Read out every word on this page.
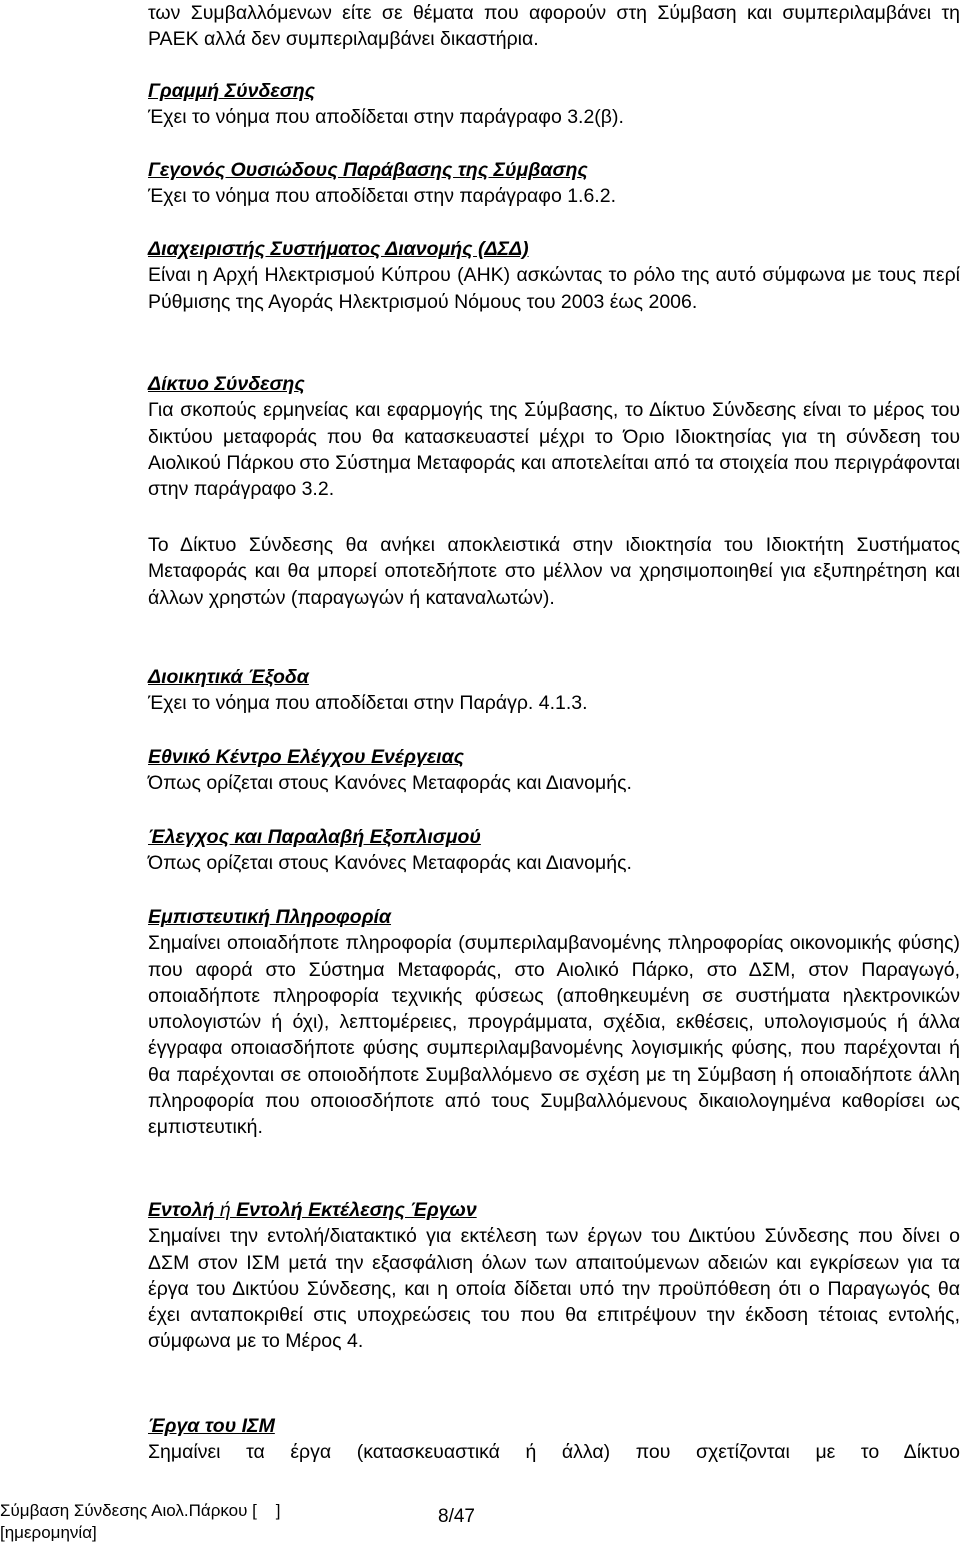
των Συμβαλλόμενων είτε σε θέματα που αφορούν στη Σύμβαση και συμπεριλαμβάνει τη ΡΑΕΚ αλλά δεν συμπεριλαμβάνει δικαστήρια.

Γραμμή Σύνδεσης

Έχει το νόημα που αποδίδεται στην παράγραφο 3.2(β).

Γεγονός Ουσιώδους Παράβασης της Σύμβασης

Έχει το νόημα που αποδίδεται στην παράγραφο 1.6.2.

Διαχειριστής Συστήματος Διανομής (ΔΣΔ)

Είναι η Αρχή Ηλεκτρισμού Κύπρου (ΑΗΚ) ασκώντας το ρόλο της αυτό σύμφωνα με τους περί Ρύθμισης της Αγοράς Ηλεκτρισμού Νόμους του 2003 έως 2006.

Δίκτυο Σύνδεσης

Για σκοπούς ερμηνείας και εφαρμογής της Σύμβασης, το Δίκτυο Σύνδεσης είναι το μέρος του δικτύου μεταφοράς που θα κατασκευαστεί μέχρι το Όριο Ιδιοκτησίας για τη σύνδεση του Αιολικού Πάρκου στο Σύστημα Μεταφοράς και αποτελείται από τα στοιχεία που περιγράφονται στην παράγραφο 3.2.

Το Δίκτυο Σύνδεσης θα ανήκει αποκλειστικά στην ιδιοκτησία του Ιδιοκτήτη Συστήματος Μεταφοράς και θα μπορεί οποτεδήποτε στο μέλλον να χρησιμοποιηθεί για εξυπηρέτηση και άλλων χρηστών (παραγωγών ή καταναλωτών).

Διοικητικά Έξοδα

Έχει το νόημα που αποδίδεται στην Παράγρ. 4.1.3.

Εθνικό Κέντρο Ελέγχου Ενέργειας

Όπως ορίζεται στους Κανόνες Μεταφοράς και Διανομής.

Έλεγχος και Παραλαβή Εξοπλισμού

Όπως ορίζεται στους Κανόνες Μεταφοράς και Διανομής.

Εμπιστευτική Πληροφορία

Σημαίνει οποιαδήποτε πληροφορία (συμπεριλαμβανομένης πληροφορίας οικονομικής φύσης) που αφορά στο Σύστημα Μεταφοράς, στο Αιολικό Πάρκο, στο ΔΣΜ, στον Παραγωγό, οποιαδήποτε πληροφορία τεχνικής φύσεως (αποθηκευμένη σε συστήματα ηλεκτρονικών υπολογιστών ή όχι), λεπτομέρειες, προγράμματα, σχέδια, εκθέσεις, υπολογισμούς ή άλλα έγγραφα οποιασδήποτε φύσης συμπεριλαμβανομένης λογισμικής φύσης, που παρέχονται ή θα παρέχονται σε οποιοδήποτε Συμβαλλόμενο σε σχέση με τη Σύμβαση ή οποιαδήποτε άλλη πληροφορία που οποιοσδήποτε από τους Συμβαλλόμενους δικαιολογημένα καθορίσει ως εμπιστευτική.

Εντολή ή Εντολή Εκτέλεσης Έργων

Σημαίνει την εντολή/διατακτικό για εκτέλεση των έργων του Δικτύου Σύνδεσης που δίνει ο ΔΣΜ στον ΙΣΜ μετά την εξασφάλιση όλων των απαιτούμενων αδειών και εγκρίσεων για τα έργα του Δικτύου Σύνδεσης, και η οποία δίδεται υπό την προϋπόθεση ότι ο Παραγωγός θα έχει ανταποκριθεί στις υποχρεώσεις του που θα επιτρέψουν την έκδοση τέτοιας εντολής, σύμφωνα με το Μέρος 4.

Έργα του ΙΣΜ

Σημαίνει τα έργα (κατασκευαστικά ή άλλα) που σχετίζονται με το Δίκτυο

Σύμβαση Σύνδεσης Αιολ.Πάρκου [    ]
[ημερομηνία]
8/47
